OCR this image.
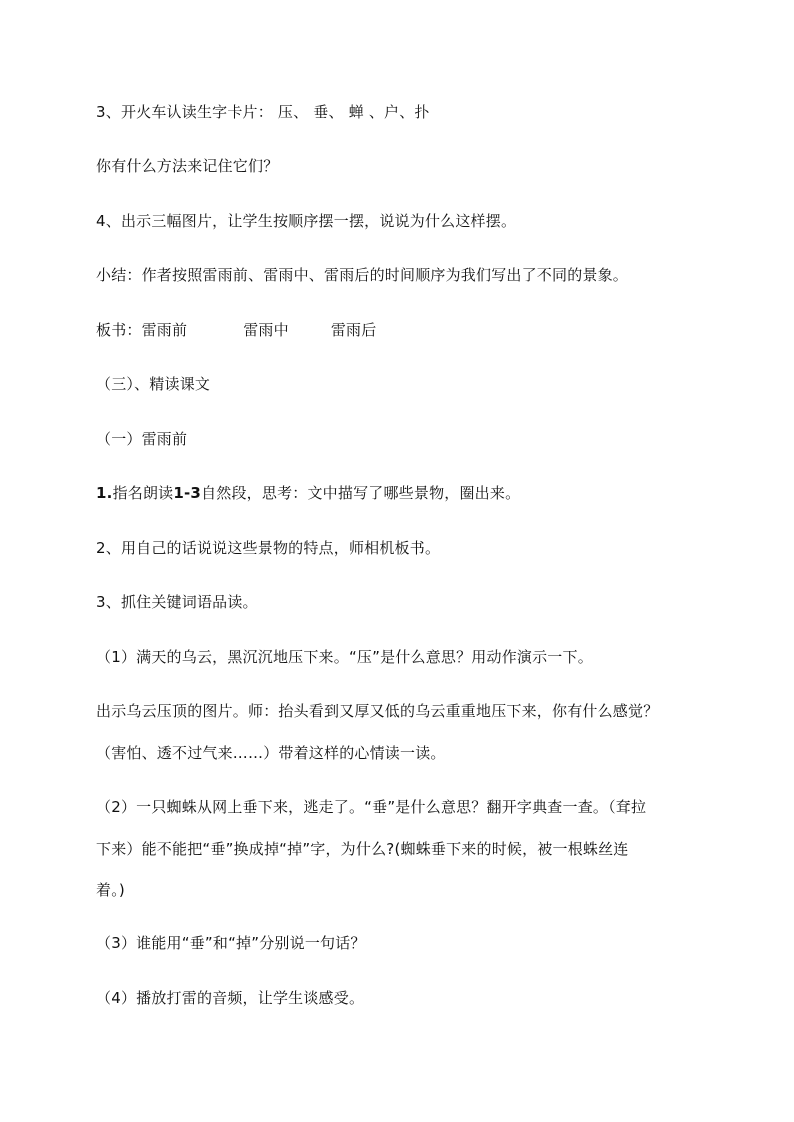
3、开火车认读生字卡片： 压、 垂、 蝉 、户、扑
你有什么方法来记住它们？
4、出示三幅图片，让学生按顺序摆一摆，说说为什么这样摆。
小结：作者按照雷雨前、雷雨中、雷雨后的时间顺序为我们写出了不同的景象。
板书：雷雨前	雷雨中	雷雨后
（三）、精读课文
（一）雷雨前
1.指名朗读1-3自然段，思考：文中描写了哪些景物，圈出来。
2、用自己的话说说这些景物的特点，师相机板书。
3、抓住关键词语品读。
（1）满天的乌云，黑沉沉地压下来。“压”是什么意思？用动作演示一下。
出示乌云压顶的图片。师：抬头看到又厚又低的乌云重重地压下来，你有什么感觉？
（害怕、透不过气来……）带着这样的心情读一读。
（2）一只蜘蛛从网上垂下来，逃走了。“垂”是什么意思？翻开字典查一查。（耷拉
下来）能不能把“垂”换成掉“掉”字，为什么?(蜘蛛垂下来的时候，被一根蛛丝连
着。)
（3）谁能用“垂”和“掉”分别说一句话？
（4）播放打雷的音频，让学生谈感受。
